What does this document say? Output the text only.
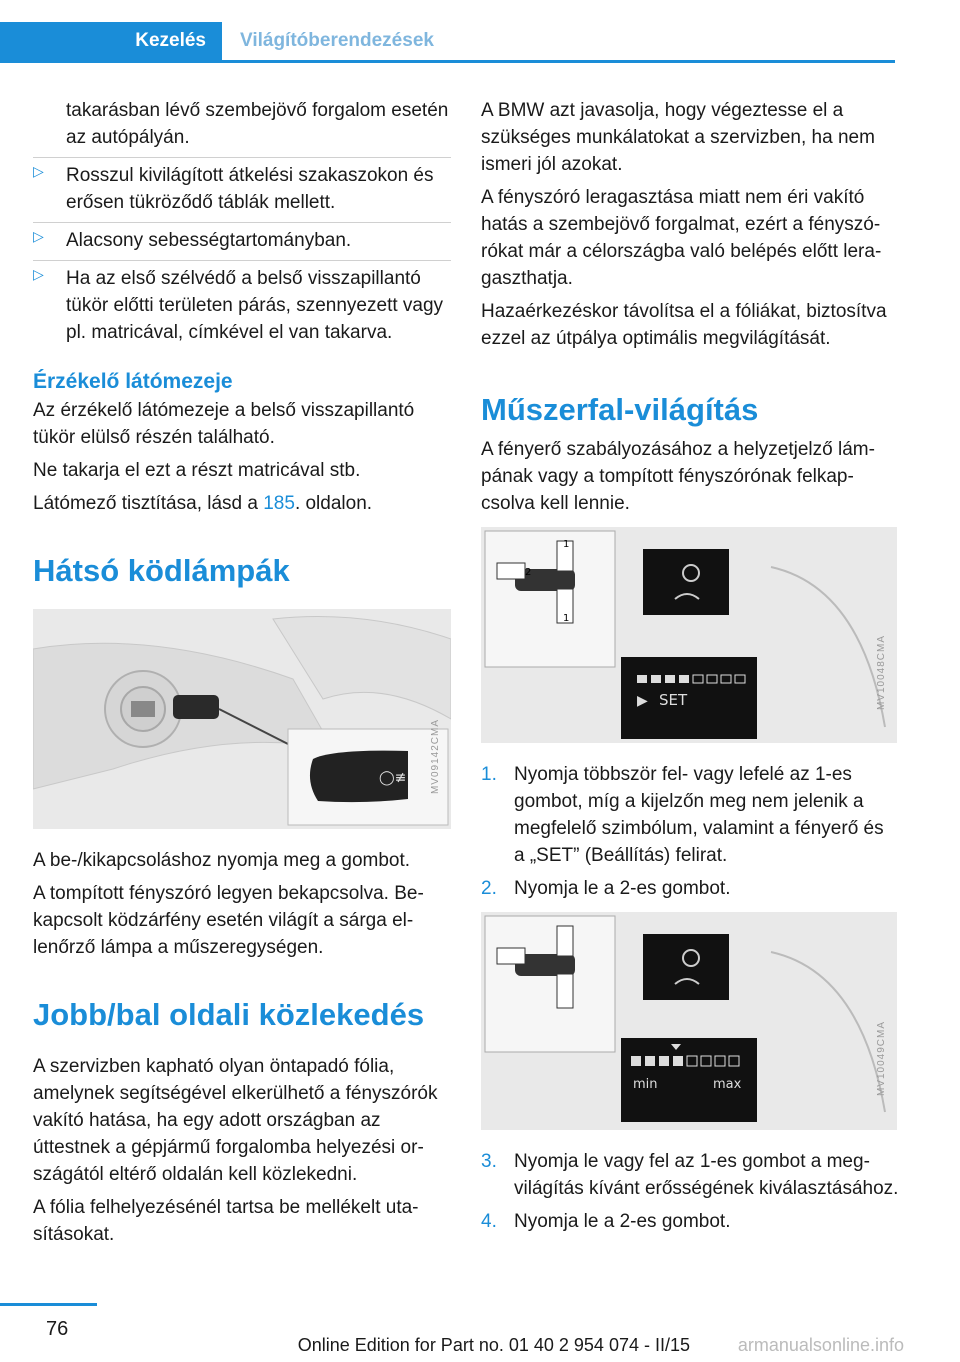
Kezelés	Világítóberendezések
takarásban lévő szembejövő forgalom esetén az autópályán.
▷ Rosszul kivilágított átkelési szakaszokon és erősen tükröződő táblák mellett.
▷ Alacsony sebességtartományban.
▷ Ha az első szélvédő a belső visszapillantó tükör előtti területen párás, szennyezett vagy pl. matricával, címkével el van takarva.
Érzékelő látómezeje

Az érzékelő látómezeje a belső visszapillantó tükör elülső részén található.

Ne takarja el ezt a részt matricával stb.

Látómező tisztítása, lásd a 185. oldalon.

Hátsó ködlámpák
◯≢	MV09142CMA

A be-/kikapcsoláshoz nyomja meg a gombot.

A tompított fényszóró legyen bekapcsolva. Bekapcsolt ködzárfény esetén világít a sárga ellenőrző lámpa a műszeregységen.

Jobb/bal oldali közlekedés

A szervizben kapható olyan öntapadó fólia, amelynek segítségével elkerülhető a fényszórók vakító hatása, ha egy adott országban az úttestnek a gépjármű forgalomba helyezési országától eltérő oldalán kell közlekedni.

A fólia felhelyezésénél tartsa be mellékelt utasításokat.

A BMW azt javasolja, hogy végeztesse el a szükséges munkálatokat a szervizben, ha nem ismeri jól azokat.

A fényszóró leragasztása miatt nem éri vakító hatás a szembejövő forgalmat, ezért a fényszórókat már a célországba való belépés előtt leragaszthatja.

Hazaérkezéskor távolítsa el a fóliákat, biztosítva ezzel az útpálya optimális megvilágítását.

Műszerfal-világítás

A fényerő szabályozásához a helyzetjelző lámpának vagy a tompított fényszórónak felkapcsolva kell lennie.

1
1
2
▶ SET	MV10048CMA
1. Nyomja többször fel- vagy lefelé az 1-es gombot, míg a kijelzőn meg nem jelenik a megfelelő szimbólum, valamint a fényerő és a „SET” (Beállítás) felirat.
2. Nyomja le a 2-es gombot.
min	max	MV10049CMA
3. Nyomja le vagy fel az 1-es gombot a megvilágítás kívánt erősségének kiválasztásához.
4. Nyomja le a 2-es gombot.
76
armanualsonline.info
Online Edition for Part no. 01 40 2 954 074 - II/15
